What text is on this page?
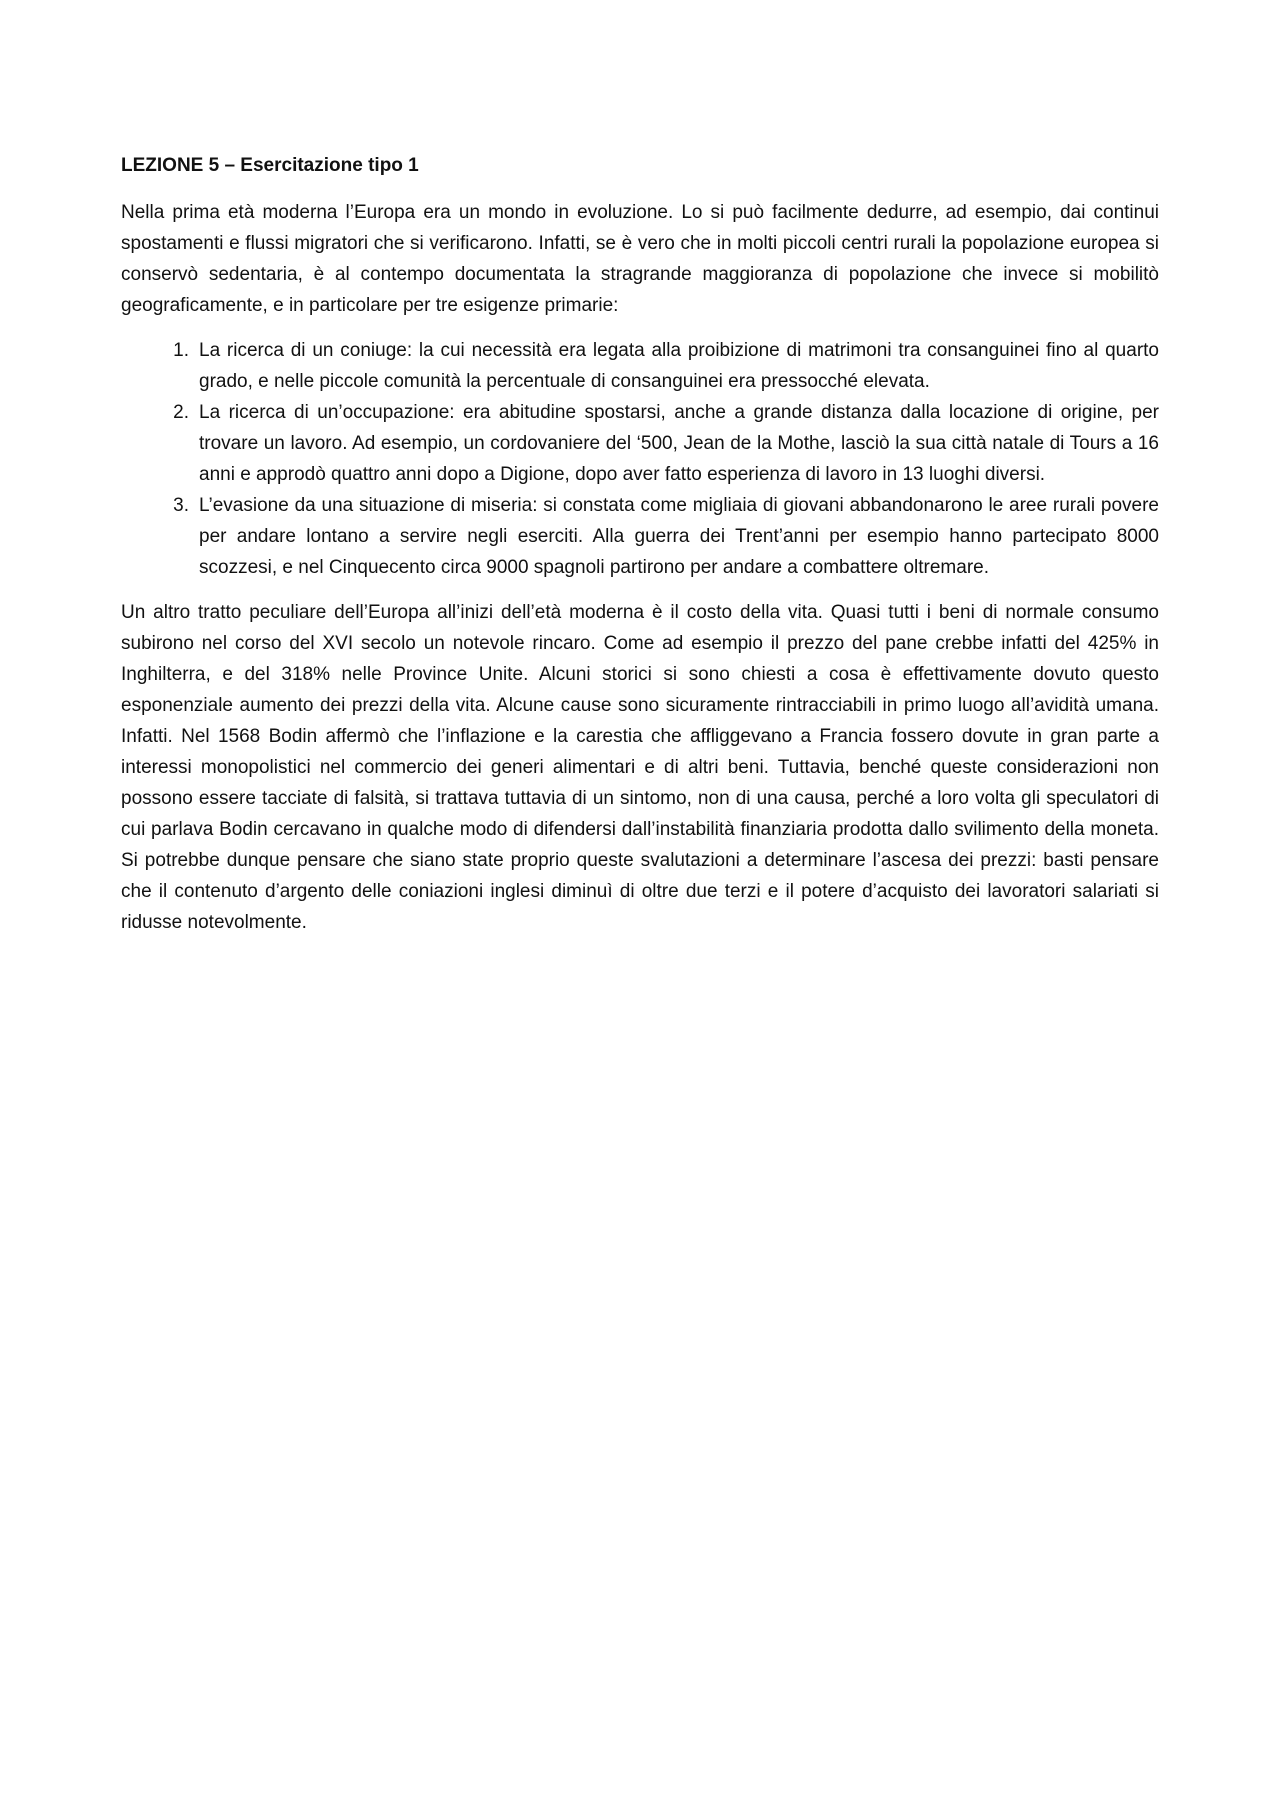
LEZIONE 5 – Esercitazione tipo 1

Nella prima età moderna l’Europa era un mondo in evoluzione. Lo si può facilmente dedurre, ad esempio, dai continui spostamenti e flussi migratori che si verificarono. Infatti, se è vero che in molti piccoli centri rurali la popolazione europea si conservò sedentaria, è al contempo documentata la stragrande maggioranza di popolazione che invece si mobilitò geograficamente, e in particolare per tre esigenze primarie:

1. La ricerca di un coniuge: la cui necessità era legata alla proibizione di matrimoni tra consanguinei fino al quarto grado, e nelle piccole comunità la percentuale di consanguinei era pressocché elevata.
2. La ricerca di un’occupazione: era abitudine spostarsi, anche a grande distanza dalla locazione di origine, per trovare un lavoro. Ad esempio, un cordovaniere del ‘500, Jean de la Mothe, lasciò la sua città natale di Tours a 16 anni e approdò quattro anni dopo a Digione, dopo aver fatto esperienza di lavoro in 13 luoghi diversi.
3. L’evasione da una situazione di miseria: si constata come migliaia di giovani abbandonarono le aree rurali povere per andare lontano a servire negli eserciti. Alla guerra dei Trent’anni per esempio hanno partecipato 8000 scozzesi, e nel Cinquecento circa 9000 spagnoli partirono per andare a combattere oltremare.

Un altro tratto peculiare dell’Europa all’inizi dell’età moderna è il costo della vita. Quasi tutti i beni di normale consumo subirono nel corso del XVI secolo un notevole rincaro. Come ad esempio il prezzo del pane crebbe infatti del 425% in Inghilterra, e del 318% nelle Province Unite. Alcuni storici si sono chiesti a cosa è effettivamente dovuto questo esponenziale aumento dei prezzi della vita. Alcune cause sono sicuramente rintracciabili in primo luogo all’avidità umana. Infatti. Nel 1568 Bodin affermò che l’inflazione e la carestia che affliggevano a Francia fossero dovute in gran parte a interessi monopolistici nel commercio dei generi alimentari e di altri beni. Tuttavia, benché queste considerazioni non possono essere tacciate di falsità, si trattava tuttavia di un sintomo, non di una causa, perché a loro volta gli speculatori di cui parlava Bodin cercavano in qualche modo di difendersi dall’instabilità finanziaria prodotta dallo svilimento della moneta. Si potrebbe dunque pensare che siano state proprio queste svalutazioni a determinare l’ascesa dei prezzi: basti pensare che il contenuto d’argento delle coniazioni inglesi diminuì di oltre due terzi e il potere d’acquisto dei lavoratori salariati si ridusse notevolmente.
